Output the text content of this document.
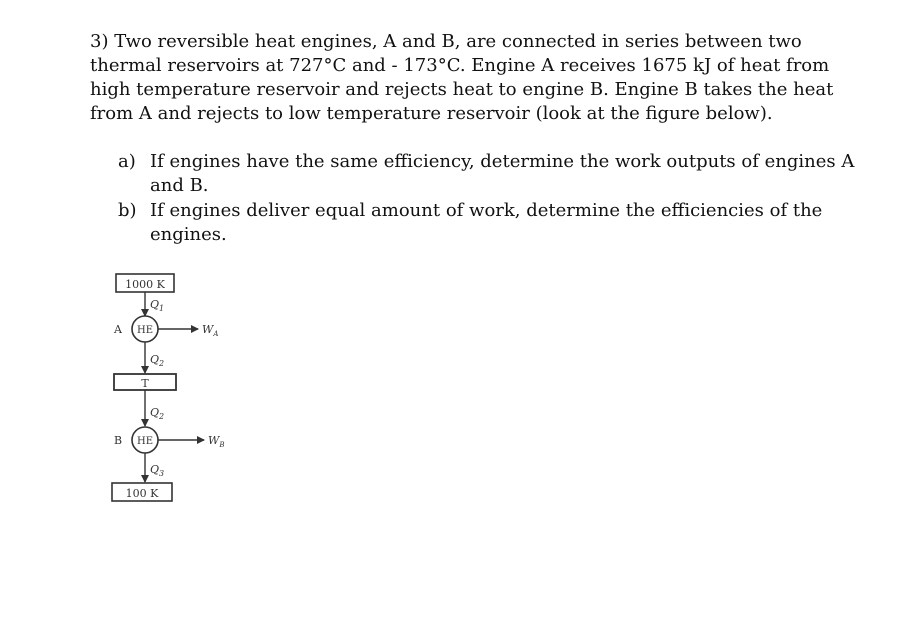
3) Two reversible heat engines, A and B, are connected in series between two
thermal reservoirs at 727°C and - 173°C. Engine A receives 1675 kJ of heat from
high temperature reservoir and rejects heat to engine B. Engine B takes the heat
from A and rejects to low temperature reservoir (look at the figure below).
a) If engines have the same efficiency, determine the work outputs of engines A
and B.
b) If engines deliver equal amount of work, determine the efficiencies of the
engines.
1000 K
$Q_1$
A HE	$W_A$
$Q_2$
T
$Q_2$
B HE	$W_B$
$Q_3$
100 K
